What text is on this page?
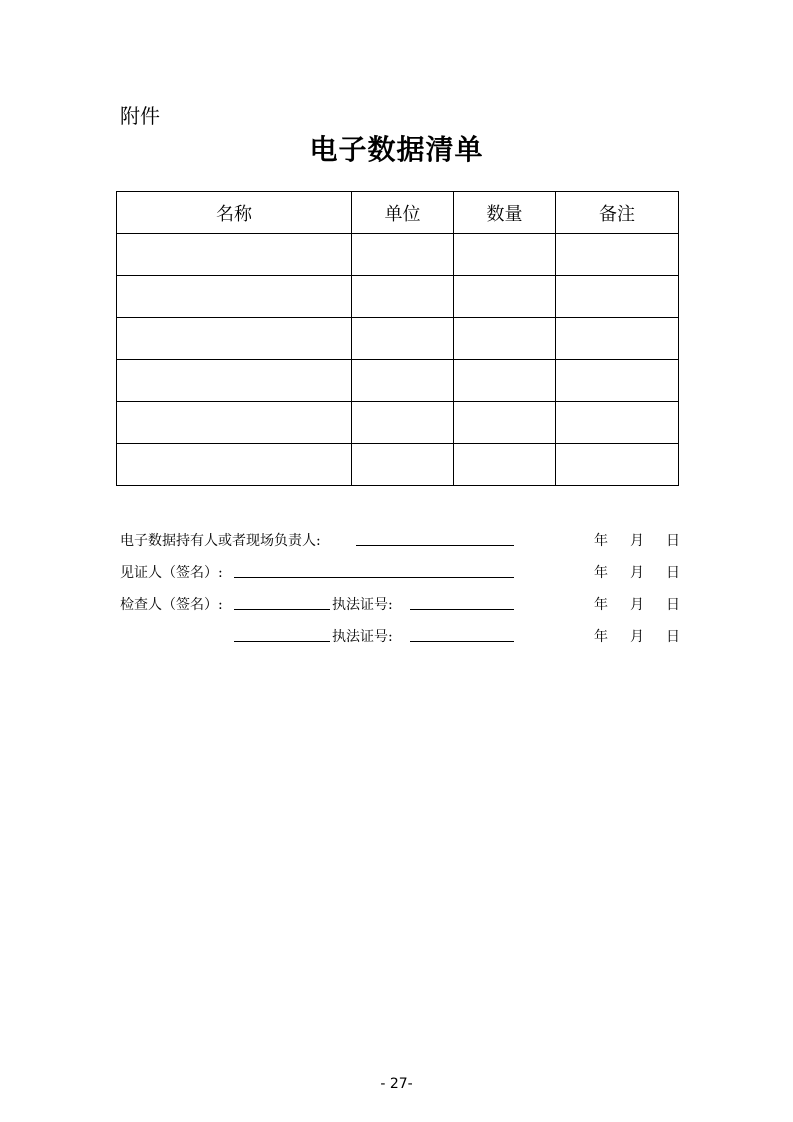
附件
电子数据清单
名称	单位	数量	备注

电子数据持有人或者现场负责人:	年 月 日
见证人（签名）:	年 月 日
检查人（签名）:	执法证号:	年 月 日
执法证号:	年 月 日
- 27-
